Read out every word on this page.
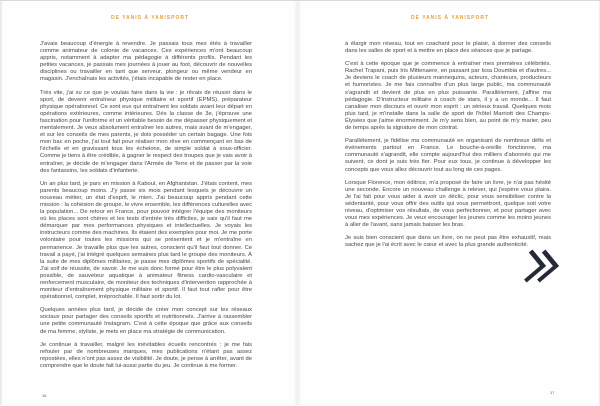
DE YANIS À YANISPORT

J'avais beaucoup d'énergie à revendre. Je passais tous mes étés à travailler comme animateur de colonie de vacances. Ces expériences m'ont beaucoup appris, notamment à adapter ma pédagogie à différents profils. Pendant les petites vacances, je passais mes journées à jouer au foot, découvrir de nouvelles disciplines ou travailler en tant que serveur, plongeur ou même vendeur en magasin. J'enchaînais les activités, j'étais incapable de rester en place.

Très vite, j'ai su ce que je voulais faire dans la vie : je rêvais de réussir dans le sport, de devenir entraîneur physique militaire et sportif (EPMS), préparateur physique opérationnel. Ce sont eux qui entraînent les soldats avant leur départ en opérations extérieures, comme intérieures. Dès la classe de 3e, j'éprouve une fascination pour l'uniforme et un véritable besoin de me dépasser physiquement et mentalement. Je veux absolument entraîner les autres, mais avant de m'engager, et sur les conseils de mes parents, je dois posséder un certain bagage. Une fois mon bac en poche, j'ai tout fait pour réaliser mon rêve en commençant en bas de l'échelle et en gravissant tous les échelons, de simple soldat à sous-officier. Comme je tiens à être crédible, à gagner le respect des troupes que je vais avoir à entraîner, je décide de m'engager dans l'Armée de Terre et de passer par la voie des fantassins, les soldats d'infanterie.

Un an plus tard, je pars en mission à Kaboul, en Afghanistan. J'étais content, mes parents beaucoup moins. J'y passe six mois pendant lesquels je découvre un nouveau métier, un état d'esprit, le mien. J'ai beaucoup appris pendant cette mission : la cohésion de groupe, le vivre ensemble, les différences culturelles avec la population... De retour en France, pour pouvoir intégrer l'équipe des moniteurs où les places sont chères et les tests d'entrée très difficiles, je sais qu'il faut me démarquer par mes performances physiques et intellectuelles. Je voyais les instructeurs comme des machines. Ils étaient des exemples pour moi. Je me porte volontaire pour toutes les missions qui se présentent et je m'entraîne en permanence. Je travaille plus que les autres, conscient qu'il faut tout donner. Ce travail a payé, j'ai intégré quelques semaines plus tard le groupe des moniteurs. À la suite de mes diplômes militaires, je passe mes diplômes sportifs de spécialité. J'ai soif de réussite, de savoir. Je me suis donc formé pour être le plus polyvalent possible, de sauveteur aquatique à animateur fitness cardio-vasculaire et renforcement musculaire, de moniteur des techniques d'intervention rapprochée à moniteur d'entraînement physique militaire et sportif. Il faut tout rafler pour être opérationnel, complet, irréprochable. Il faut sortir du lot.

Quelques années plus tard, je décide de créer mon concept sur les réseaux sociaux pour partager des conseils sportifs et nutritionnels. J'arrive à rassembler une petite communauté Instagram. C'est à cette époque que grâce aux conseils de ma femme, styliste, je mets en place ma stratégie de communication.

Je continue à travailler, malgré les inévitables écueils rencontrés : je me fais refouler par de nombreuses marques, mes publications n'étant pas assez repostées, elles n'ont pas assez de visibilité. Je doute, je pense à arrêter, avant de comprendre que le doute fait lui-aussi partie du jeu. Je continue à me former.

16
DE YANIS À YANISPORT

à élargir mon réseau, tout en coachant pour le plaisir, à donner des conseils dans les salles de sport et à mettre en place des séances que je partage.

C'est à cette époque que je commence à entraîner mes premières célébrités. Rachel Trapani, puis Iris Mittenaere, en passant par Issa Doumbia et d'autres... Je deviens le coach de plusieurs mannequins, acteurs, chanteurs, producteurs et humoristes. Je me fais connaître d'un plus large public, ma communauté s'agrandit et devient de plus en plus puissante. Parallèlement, j'affine ma pédagogie. D'instructeur militaire à coach de stars, il y a un monde... Il faut canaliser mon discours et ouvrir mon esprit : un sérieux travail. Quelques mois plus tard, je m'installe dans la salle de sport de l'hôtel Marriott des Champs-Élysées que j'aime énormément. Je m'y sens bien, au point de m'y marier, peu de temps après la signature de mon contrat.

Parallèlement, je fidélise ma communauté en organisant de nombreux défis et événements partout en France. Le bouche-à-oreille fonctionne, ma communauté s'agrandit, elle compte aujourd'hui des milliers d'abonnés qui me suivent, ce dont je suis très fier. Pour eux tous, je continue à développer les concepts que vous allez découvrir tout au long de ces pages.

Lorsque Florence, mon éditrice, m'a proposé de faire un livre, je n'ai pas hésité une seconde. Encore un nouveau challenge à relever, qui j'espère vous plaira. Je l'ai fait pour vous aider à avoir un déclic, pour vous sensibiliser contre la sédentarité, pour vous offrir des outils qui vous permettront, quelque soit votre niveau, d'optimiser vos résultats, de vous perfectionner, et pour partager avec vous mes expériences. Je veux encourager les jeunes comme les moins jeunes à aller de l'avant, sans jamais baisser les bras.

Je suis bien conscient que dans un livre, on ne peut pas être exhaustif, mais sachez que je l'ai écrit avec le cœur et avec la plus grande authenticité.

17
